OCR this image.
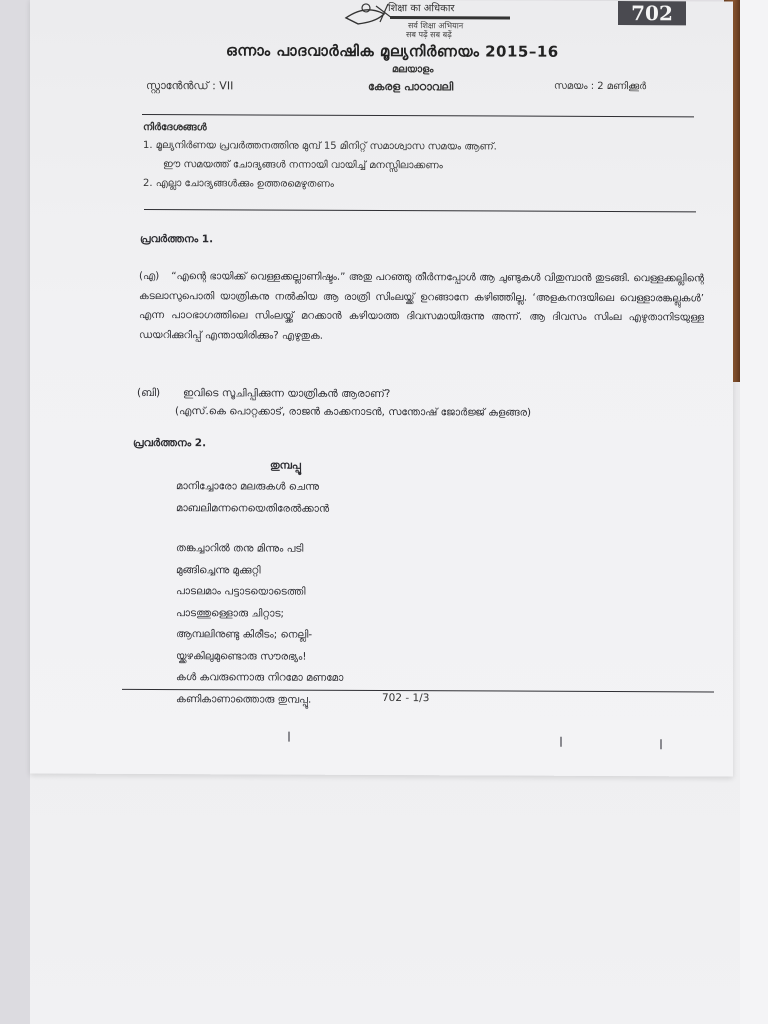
शिक्षा का अधिकार
सर्व शिक्षा अभियान
सब पढ़ें सब बढ़ें
702
ഒന്നാം പാദവാർഷിക മൂല്യനിർണയം 2015–16
മലയാളം
സ്റ്റാൻേൻഡ് : VII	കേരള പാഠാവലി	സമയം : 2 മണിക്കൂർ
നിർദേശങ്ങൾ
1. മൂല്യനിർണയ പ്രവർത്തനത്തിനു മുമ്പ് 15 മിനിറ്റ് സമാശ്വാസ സമയം ആണ്.
ഈ സമയത്ത് ചോദ്യങ്ങൾ നന്നായി വായിച്ച് മനസ്സിലാക്കണം
2. എല്ലാ ചോദ്യങ്ങൾക്കും ഉത്തരമെഴുതണം
പ്രവർത്തനം 1.
(എ) “എന്റെ ഭായിക്ക് വെള്ളക്കല്ലാണിഷ്ടം.” അതു പറഞ്ഞു തീർന്നപ്പോൾ ആ ചുണ്ടുകൾ വിതുമ്പാൻ തുടങ്ങി. വെള്ളക്കല്ലിന്റെ കടലാസുപൊതി യാത്രികനു നൽകിയ ആ രാത്രി സിംലയ്ക്ക് ഉറങ്ങാനേ കഴിഞ്ഞില്ല. ‘അളകനന്ദയിലെ വെള്ളാരങ്കല്ലുകൾ’ എന്ന പാഠഭാഗത്തിലെ സിംലയ്ക്ക് മറക്കാൻ കഴിയാത്ത ദിവസമായിരുന്നു അന്ന്. ആ ദിവസം സിംല എഴുതാനിടയുള്ള ഡയറിക്കുറിപ്പ് എന്തായിരിക്കും? എഴുതുക.
(ബി) ഇവിടെ സൂചിപ്പിക്കുന്ന യാത്രികൻ ആരാണ്?
(എസ്.കെ പൊറ്റക്കാട്, രാജൻ കാക്കനാടൻ, സന്തോഷ് ജോർജ്ജ് കുളങ്ങര)
പ്രവർത്തനം 2.
തുമ്പപ്പൂ
മാനിച്ചോരോ മലരുകൾ ചെന്നു
മാബലിമന്നനെയെതിരേൽക്കാൻ
തങ്കച്ചാറിൽ തനു മിന്നും പടി
മുങ്ങിച്ചെന്നു മുക്കുറ്റി
പാടലമാം പട്ടാടയൊടെത്തി
പാടത്തുള്ളൊരു ചിറ്റാട;
ആമ്പലിനുണ്ടു കിരീടം; നെല്ലി-
യ്ക്കഴകിലുമുണ്ടൊരു സൗരഭ്യം!
കൾ കവരുന്നൊരു നിറമോ മണമോ
കണികാണാത്തൊരു തുമ്പപ്പൂ.	702 - 1/3
